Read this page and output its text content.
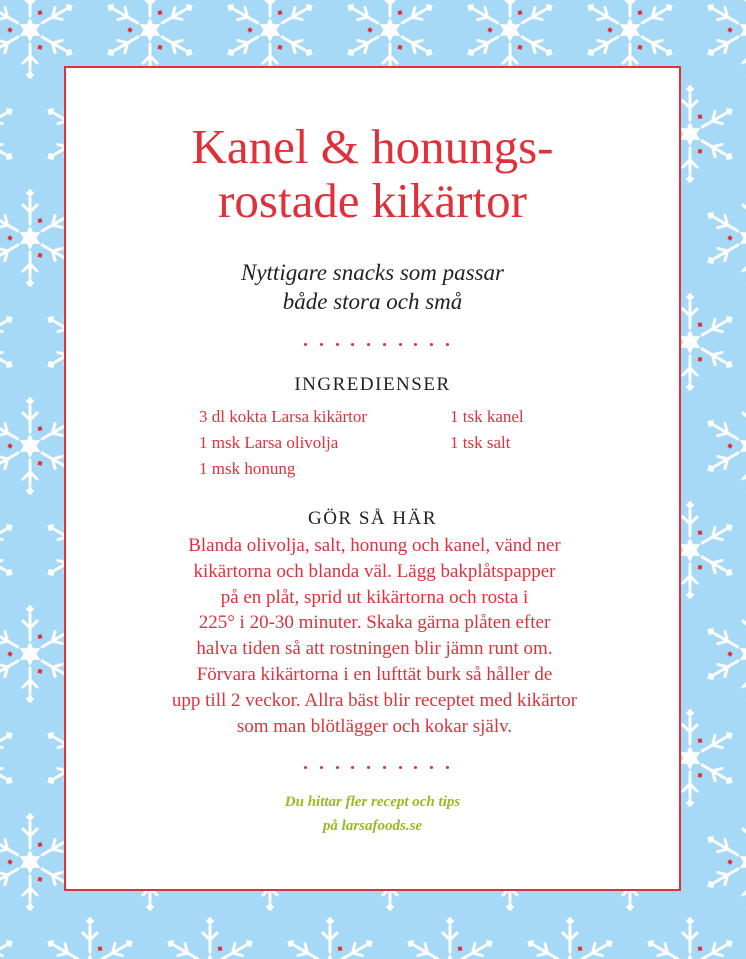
Kanel & honungs-
rostade kikärtor

Nyttigare snacks som passar
både stora och små

INGREDIENSER
3 dl kokta Larsa kikärtor
1 msk Larsa olivolja
1 msk honung
1 tsk kanel
1 tsk salt
GÖR SÅ HÄR

Blanda olivolja, salt, honung och kanel, vänd ner
kikärtorna och blanda väl. Lägg bakplåtspapper
på en plåt, sprid ut kikärtorna och rosta i
225° i 20-30 minuter. Skaka gärna plåten efter
halva tiden så att rostningen blir jämn runt om.
Förvara kikärtorna i en lufttät burk så håller de
upp till 2 veckor. Allra bäst blir receptet med kikärtor
som man blötlägger och kokar själv.

Du hittar fler recept och tips
på larsafoods.se
